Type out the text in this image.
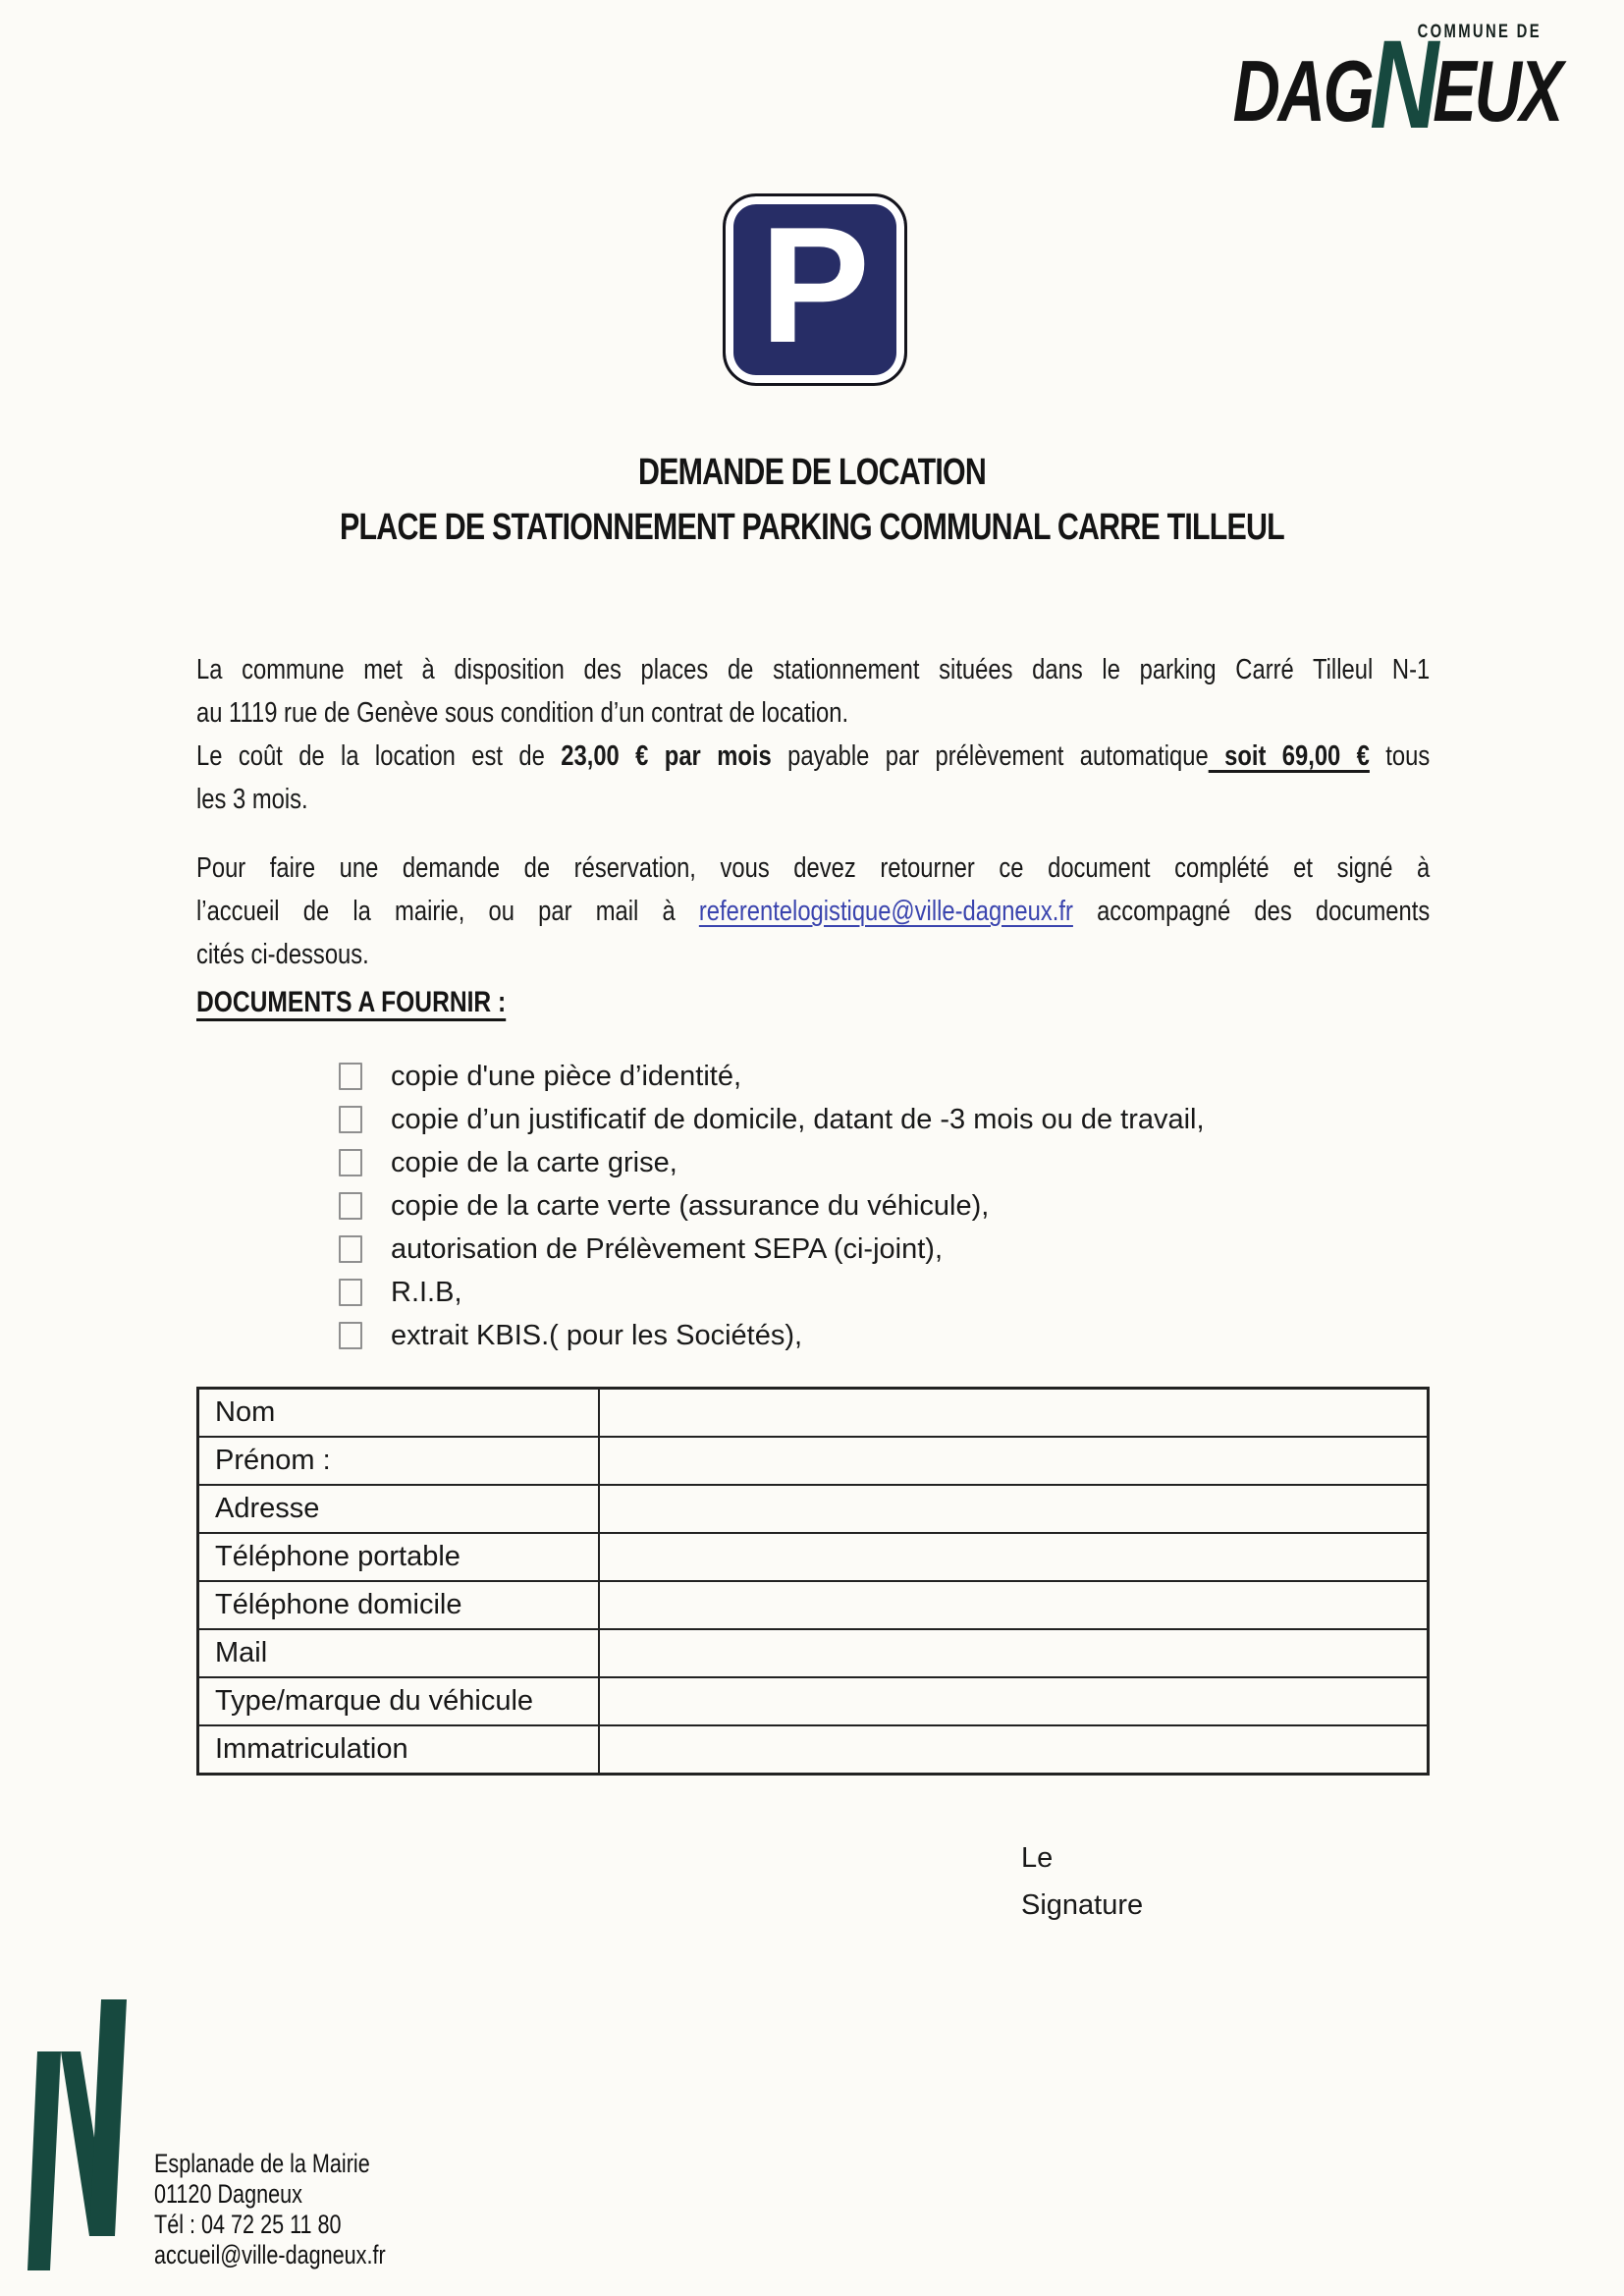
COMMUNE DE
DAGNEUX
P
DEMANDE DE LOCATION
PLACE DE STATIONNEMENT PARKING COMMUNAL CARRE TILLEUL
La commune met à disposition des places de stationnement situées dans le parking Carré Tilleul N-1
au 1119 rue de Genève sous condition d’un contrat de location.
Le coût de la location est de 23,00 € par mois payable par prélèvement automatique soit 69,00 € tous
les 3 mois.
Pour faire une demande de réservation, vous devez retourner ce document complété et signé à
l’accueil de la mairie, ou par mail à referentelogistique@ville-dagneux.fr accompagné des documents
cités ci-dessous.
DOCUMENTS A FOURNIR :
copie d'une pièce d’identité,
copie d’un justificatif de domicile, datant de -3 mois ou de travail,
copie de la carte grise,
copie de la carte verte (assurance du véhicule),
autorisation de Prélèvement SEPA (ci-joint),
R.I.B,
extrait KBIS.( pour les Sociétés),
Nom	
Prénom :	
Adresse	
Téléphone portable	
Téléphone domicile	
Mail	
Type/marque du véhicule	
Immatriculation	
Le
Signature
Esplanade de la Mairie
01120 Dagneux
Tél : 04 72 25 11 80
accueil@ville-dagneux.fr
